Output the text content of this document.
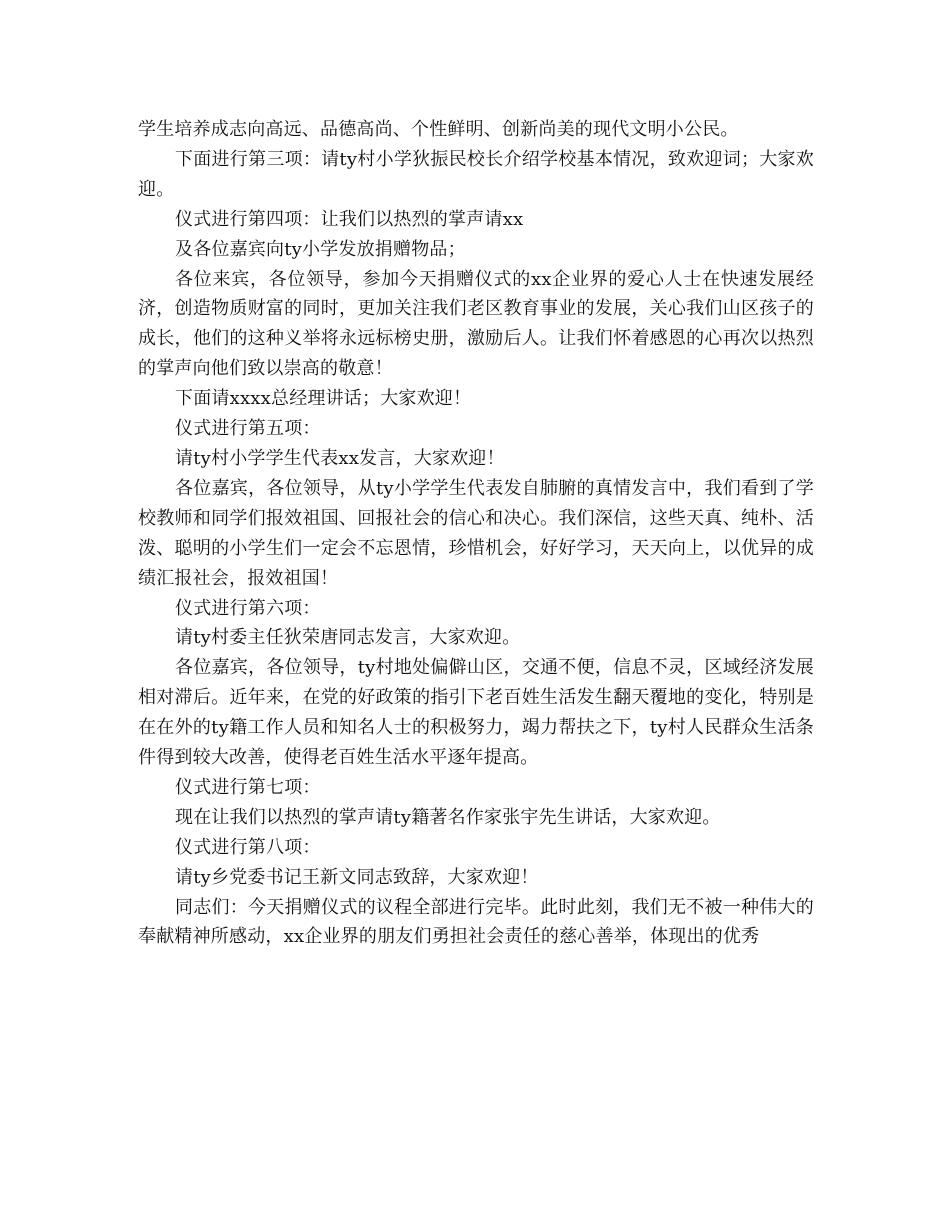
学生培养成志向高远、品德高尚、个性鲜明、创新尚美的现代文明小公民。

下面进行第三项：请ty村小学狄振民校长介绍学校基本情况，致欢迎词；大家欢迎。

仪式进行第四项：让我们以热烈的掌声请xx

及各位嘉宾向ty小学发放捐赠物品；

各位来宾，各位领导，参加今天捐赠仪式的xx企业界的爱心人士在快速发展经济，创造物质财富的同时，更加关注我们老区教育事业的发展，关心我们山区孩子的成长，他们的这种义举将永远标榜史册，激励后人。让我们怀着感恩的心再次以热烈的掌声向他们致以崇高的敬意！

下面请xxxx总经理讲话；大家欢迎！

仪式进行第五项：

请ty村小学学生代表xx发言，大家欢迎！

各位嘉宾，各位领导，从ty小学学生代表发自肺腑的真情发言中，我们看到了学校教师和同学们报效祖国、回报社会的信心和决心。我们深信，这些天真、纯朴、活泼、聪明的小学生们一定会不忘恩情，珍惜机会，好好学习，天天向上，以优异的成绩汇报社会，报效祖国！

仪式进行第六项：

请ty村委主任狄荣唐同志发言，大家欢迎。

各位嘉宾，各位领导，ty村地处偏僻山区，交通不便，信息不灵，区域经济发展相对滞后。近年来，在党的好政策的指引下老百姓生活发生翻天覆地的变化，特别是在在外的ty籍工作人员和知名人士的积极努力，竭力帮扶之下，ty村人民群众生活条件得到较大改善，使得老百姓生活水平逐年提高。

仪式进行第七项：

现在让我们以热烈的掌声请ty籍著名作家张宇先生讲话，大家欢迎。

仪式进行第八项：

请ty乡党委书记王新文同志致辞，大家欢迎！

同志们：今天捐赠仪式的议程全部进行完毕。此时此刻，我们无不被一种伟大的奉献精神所感动，xx企业界的朋友们勇担社会责任的慈心善举，体现出的优秀
